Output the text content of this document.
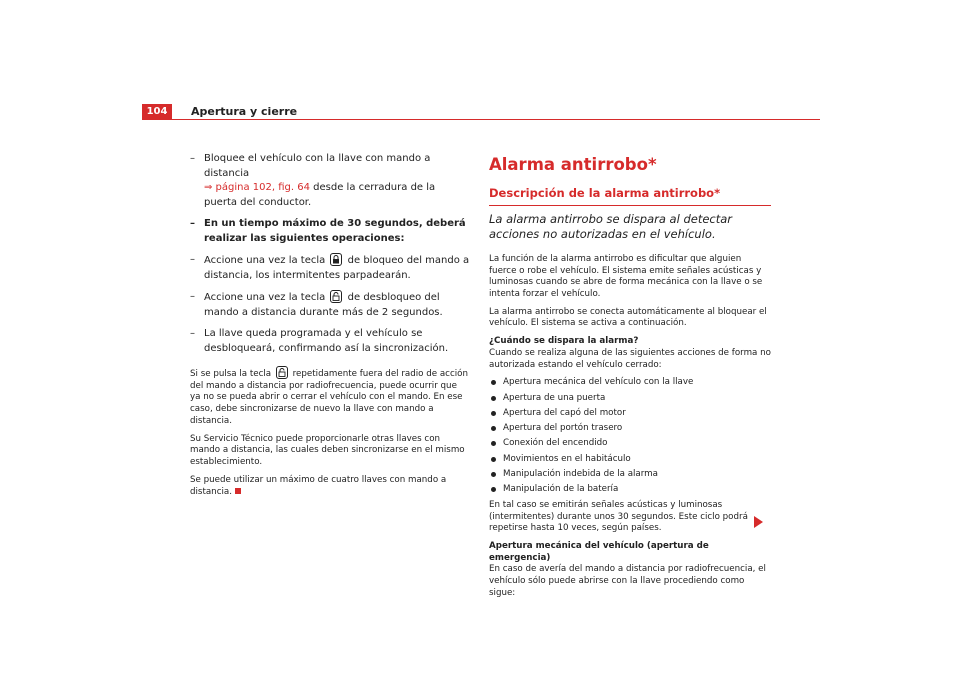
104	Apertura y cierre
– Bloquee el vehículo con la llave con mando a distancia
⇒ página 102, fig. 64 desde la cerradura de la puerta del conductor.
– En un tiempo máximo de 30 segundos, deberá realizar las siguientes operaciones:
– Accione una vez la tecla
de bloqueo del mando a distancia, los intermitentes parpadearán.
– Accione una vez la tecla
de desbloqueo del mando a distancia durante más de 2 segundos.
– La llave queda programada y el vehículo se desbloqueará, confirmando así la sincronización.

Si se pulsa la tecla
repetidamente fuera del radio de acción del mando a distancia por radiofrecuencia, puede ocurrir que ya no se pueda abrir o cerrar el vehículo con el mando. En ese caso, debe sincronizarse de nuevo la llave con mando a distancia.

Su Servicio Técnico puede proporcionarle otras llaves con mando a distancia, las cuales deben sincronizarse en el mismo establecimiento.

Se puede utilizar un máximo de cuatro llaves con mando a distancia.

Alarma antirrobo*
Descripción de la alarma antirrobo*
La alarma antirrobo se dispara al detectar acciones no autorizadas en el vehículo.

La función de la alarma antirrobo es dificultar que alguien fuerce o robe el vehículo. El sistema emite señales acústicas y luminosas cuando se abre de forma mecánica con la llave o se intenta forzar el vehículo.

La alarma antirrobo se conecta automáticamente al bloquear el vehículo. El sistema se activa a continuación.

¿Cuándo se dispara la alarma?

Cuando se realiza alguna de las siguientes acciones de forma no autorizada estando el vehículo cerrado:

Apertura mecánica del vehículo con la llave
Apertura de una puerta
Apertura del capó del motor
Apertura del portón trasero
Conexión del encendido
Movimientos en el habitáculo
Manipulación indebida de la alarma
Manipulación de la batería

En tal caso se emitirán señales acústicas y luminosas (intermitentes) durante unos 30 segundos. Este ciclo podrá repetirse hasta 10 veces, según países.

Apertura mecánica del vehículo (apertura de emergencia)

En caso de avería del mando a distancia por radiofrecuencia, el vehículo sólo puede abrirse con la llave procediendo como sigue:
